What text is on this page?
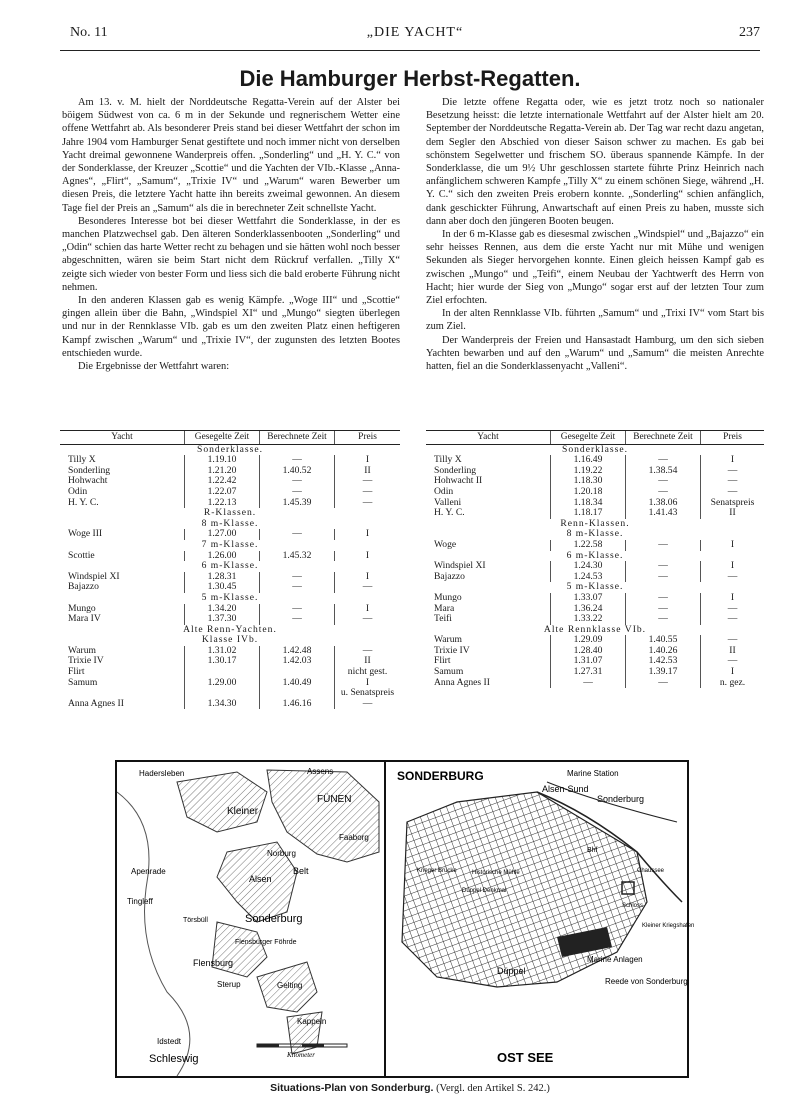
No. 11	„DIE YACHT“	237
Die Hamburger Herbst-Regatten.

Am 13. v. M. hielt der Norddeutsche Regatta-Verein auf der Alster bei böigem Südwest von ca. 6 m in der Sekunde und regnerischem Wetter eine offene Wettfahrt ab. Als besonderer Preis stand bei dieser Wettfahrt der schon im Jahre 1904 vom Hamburger Senat gestiftete und noch immer nicht von derselben Yacht dreimal gewonnene Wanderpreis offen. „Sonderling“ und „H. Y. C.“ von der Sonderklasse, der Kreuzer „Scottie“ und die Yachten der VIb.-Klasse „Anna-Agnes“, „Flirt“, „Samum“, „Trixie IV“ und „Warum“ waren Bewerber um diesen Preis, die letztere Yacht hatte ihn bereits zweimal gewonnen. An diesem Tage fiel der Preis an „Samum“ als die in berechneter Zeit schnellste Yacht.

Besonderes Interesse bot bei dieser Wettfahrt die Sonderklasse, in der es manchen Platzwechsel gab. Den älteren Sonderklassenbooten „Sonderling“ und „Odin“ schien das harte Wetter recht zu behagen und sie hätten wohl noch besser abgeschnitten, wären sie beim Start nicht dem Rückruf verfallen. „Tilly X“ zeigte sich wieder von bester Form und liess sich die bald eroberte Führung nicht nehmen.

In den anderen Klassen gab es wenig Kämpfe. „Woge III“ und „Scottie“ gingen allein über die Bahn, „Windspiel XI“ und „Mungo“ siegten überlegen und nur in der Rennklasse VIb. gab es um den zweiten Platz einen heftigeren Kampf zwischen „Warum“ und „Trixie IV“, der zugunsten des letzten Bootes entschieden wurde.

Die Ergebnisse der Wettfahrt waren:

Die letzte offene Regatta oder, wie es jetzt trotz noch so nationaler Besetzung heisst: die letzte internationale Wettfahrt auf der Alster hielt am 20. September der Norddeutsche Regatta-Verein ab. Der Tag war recht dazu angetan, dem Segler den Abschied von dieser Saison schwer zu machen. Es gab bei schönstem Segelwetter und frischem SO. überaus spannende Kämpfe. In der Sonderklasse, die um 9½ Uhr geschlossen startete führte Prinz Heinrich nach anfänglichem schweren Kampfe „Tilly X“ zu einem schönen Siege, während „H. Y. C.“ sich den zweiten Preis erobern konnte. „Sonderling“ schien anfänglich, dank geschickter Führung, Anwartschaft auf einen Preis zu haben, musste sich dann aber doch den jüngeren Booten beugen.

In der 6 m-Klasse gab es diesesmal zwischen „Windspiel“ und „Bajazzo“ ein sehr heisses Rennen, aus dem die erste Yacht nur mit Mühe und wenigen Sekunden als Sieger hervorgehen konnte. Einen gleich heissen Kampf gab es zwischen „Mungo“ und „Teifi“, einem Neubau der Yachtwerft des Herrn von Hacht; hier wurde der Sieg von „Mungo“ sogar erst auf der letzten Tour zum Ziel erfochten.

In der alten Rennklasse VIb. führten „Samum“ und „Trixi IV“ vom Start bis zum Ziel.

Der Wanderpreis der Freien und Hansastadt Hamburg, um den sich sieben Yachten bewarben und auf den „Warum“ und „Samum“ die meisten Anrechte hatten, fiel an die Sonderklassenyacht „Valleni“.

Yacht	Gesegelte Zeit	Berechnete Zeit	Preis
Sonderklasse.			
Tilly X	1.19.10	—	I
Sonderling	1.21.20	1.40.52	II
Hohwacht	1.22.42	—	—
Odin	1.22.07	—	—
H. Y. C.	1.22.13	1.45.39	—
R-Klassen.			
8 m-Klasse.			
Woge III	1.27.00	—	I
7 m-Klasse.			
Scottie	1.26.00	1.45.32	I
6 m-Klasse.			
Windspiel XI	1.28.31	—	I
Bajazzo	1.30.45	—	—
5 m-Klasse.			
Mungo	1.34.20	—	I
Mara IV	1.37.30	—	—
Alte Renn-Yachten.			
Klasse IVb.			
Warum	1.31.02	1.42.48	—
Trixie IV	1.30.17	1.42.03	II
Flirt			nicht gest.
Samum	1.29.00	1.40.49	I
			u. Senatspreis
Anna Agnes II	1.34.30	1.46.16	—
Yacht	Gesegelte Zeit	Berechnete Zeit	Preis
Sonderklasse.			
Tilly X	1.16.49	—	I
Sonderling	1.19.22	1.38.54	—
Hohwacht II	1.18.30	—	—
Odin	1.20.18	—	—
Valleni	1.18.34	1.38.06	Senatspreis
H. Y. C.	1.18.17	1.41.43	II
Renn-Klassen.			
8 m-Klasse.			
Woge	1.22.58	—	I
6 m-Klasse.			
Windspiel XI	1.24.30	—	I
Bajazzo	1.24.53	—	—
5 m-Klasse.			
Mungo	1.33.07	—	I
Mara	1.36.24	—	—
Teifi	1.33.22	—	—
Alte Rennklasse VIb.			
Warum	1.29.09	1.40.55	—
Trixie IV	1.28.40	1.40.26	II
Flirt	1.31.07	1.42.53	—
Samum	1.27.31	1.39.17	I
Anna Agnes II	—	—	n. gez.
Hadersleben	Assens
FÜNEN
Kleiner
Faaborg
Apenrade
Norburg
Belt
Alsen
Tingleff
Törsbüll	Sonderburg
Flensburger Föhrde
Flensburg
Sterup	Gelting
Kappeln
Idstedt
Schleswig	Kilometer
SONDERBURG	Marine Station
Sonderburg
Alsen-Sund
Bhf
Krieger Brücke	Historische Mühle
Düppel Denkmal
Düppel
Marine Anlagen
Reede von Sonderburg
OST SEE
Schloss
Kleiner Kriegshafen
Chaussee
Situations-Plan von Sonderburg. (Vergl. den Artikel S. 242.)
